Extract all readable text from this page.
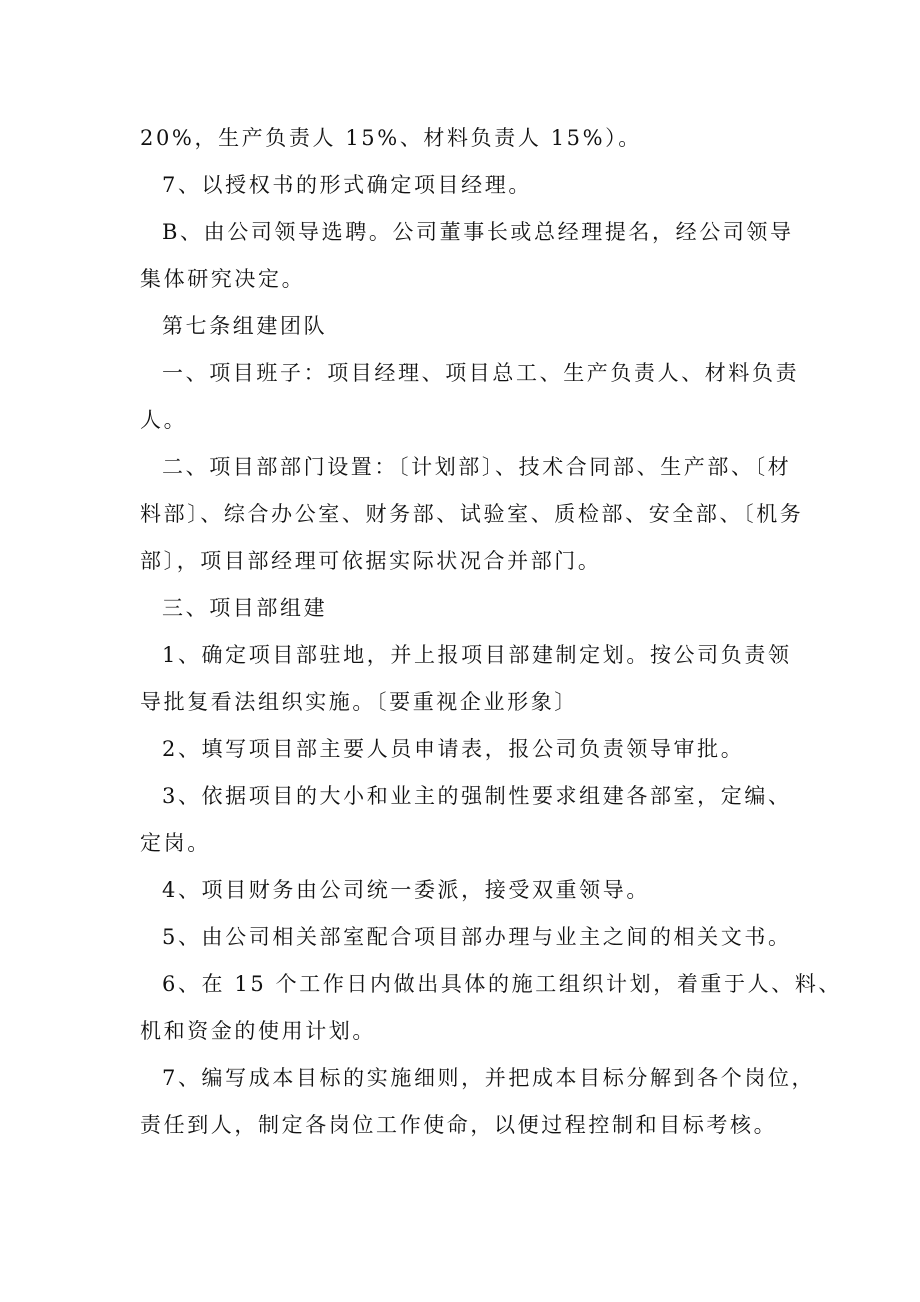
20%，生产负责人 15%、材料负责人 15%）。

7、以授权书的形式确定项目经理。

B、由公司领导选聘。公司董事长或总经理提名，经公司领导
集体研究决定。

第七条组建团队

一、项目班子：项目经理、项目总工、生产负责人、材料负责
人。

二、项目部部门设置：〔计划部〕、技术合同部、生产部、〔材
料部〕、综合办公室、财务部、试验室、质检部、安全部、〔机务
部〕，项目部经理可依据实际状况合并部门。

三、项目部组建

1、确定项目部驻地，并上报项目部建制定划。按公司负责领
导批复看法组织实施。〔要重视企业形象〕

2、填写项目部主要人员申请表，报公司负责领导审批。

3、依据项目的大小和业主的强制性要求组建各部室，定编、
定岗。

4、项目财务由公司统一委派，接受双重领导。

5、由公司相关部室配合项目部办理与业主之间的相关文书。

6、在 15 个工作日内做出具体的施工组织计划，着重于人、料、
机和资金的使用计划。

7、编写成本目标的实施细则，并把成本目标分解到各个岗位，
责任到人，制定各岗位工作使命，以便过程控制和目标考核。
